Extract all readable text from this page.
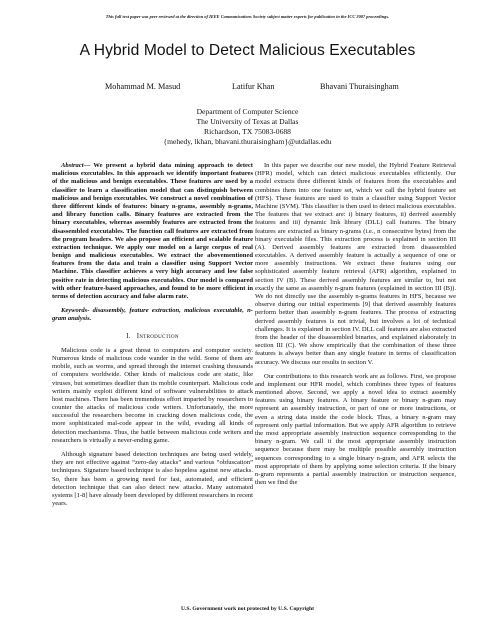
This full text paper was peer reviewed at the direction of IEEE Communications Society subject matter experts for publication in the ICC 2007 proceedings.
A Hybrid Model to Detect Malicious Executables
Mohammad M. Masud	Latifur Khan	Bhavani Thuraisingham
Department of Computer Science
The University of Texas at Dallas
Richardson, TX 75083-0688
{mehedy, lkhan, bhavani.thuraisingham}@utdallas.edu

Abstract— We present a hybrid data mining approach to detect malicious executables. In this approach we identify important features of the malicious and benign executables. These features are used by a classifier to learn a classification model that can distinguish between malicious and benign executables. We construct a novel combination of three different kinds of features: binary n-grams, assembly n-grams, and library function calls. Binary features are extracted from the binary executables, whereas assembly features are extracted from the disassembled executables. The function call features are extracted from the program headers. We also propose an efficient and scalable feature extraction technique. We apply our model on a large corpus of real benign and malicious executables. We extract the abovementioned features from the data and train a classifier using Support Vector Machine. This classifier achieves a very high accuracy and low false positive rate in detecting malicious executables. Our model is compared with other feature-based approaches, and found to be more efficient in terms of detection accuracy and false alarm rate.

Keywords- disassembly, feature extraction, malicious executable, n-gram analysis.

I. Introduction

Malicious code is a great threat to computers and computer society. Numerous kinds of malicious code wander in the wild. Some of them are mobile, such as worms, and spread through the internet crashing thousands of computers worldwide. Other kinds of malicious code are static, like viruses, but sometimes deadlier than its mobile counterpart. Malicious code writers mainly exploit different kind of software vulnerabilities to attack host machines. There has been tremendous effort imparted by researchers to counter the attacks of malicious code writers. Unfortunately, the more successful the researchers become in cracking down malicious code, the more sophisticated mal-code appear in the wild, evading all kinds of detection mechanisms. Thus, the battle between malicious code writers and researchers is virtually a never-ending game.

Although signature based detection techniques are being used widely, they are not effective against “zero-day attacks” and various “obfuscation” techniques. Signature based technique is also hopeless against new attacks. So, there has been a growing need for fast, automated, and efficient detection technique that can also detect new attacks. Many automated systems [1-8] have already been developed by different researchers in recent years.

In this paper we describe our new model, the Hybrid Feature Retrieval (HFR) model, which can detect malicious executables efficiently. Our model extracts three different kinds of features from the executables and combines them into one feature set, which we call the hybrid feature set (HFS). These features are used to train a classifier using Support Vector Machine (SVM). This classifier is then used to detect malicious executables. The features that we extract are: i) binary features, ii) derived assembly features and iii) dynamic link library (DLL) call features. The binary features are extracted as binary n-grams (i.e., n consecutive bytes) from the binary executable files. This extraction process is explained in section III (A). Derived assembly features are extracted from disassembled executables. A derived assembly feature is actually a sequence of one or more assembly instructions. We extract these features using our sophisticated assembly feature retrieval (AFR) algorithm, explained in section IV (B). These derived assembly features are similar to, but not exactly the same as assembly n-gram features (explained in section III (B)). We do not directly use the assembly n-grams features in HFS, because we observe during our initial experiments [9] that derived assembly features perform better than assembly n-gram features. The process of extracting derived assembly features is not trivial, but involves a lot of technical challenges. It is explained in section IV. DLL call features are also extracted from the header of the disassembled binaries, and explained elaborately in section III (C). We show empirically that the combination of these three features is always better than any single feature in terms of classification accuracy. We discuss our results in section V.

Our contributions to this research work are as follows. First, we propose and implement our HFR model, which combines three types of features mentioned above. Second, we apply a novel idea to extract assembly features using binary features. A binary feature or binary n-gram may represent an assembly instruction, or part of one or more instructions, or even a string data inside the code block. Thus, a binary n-gram may represent only partial information. But we apply AFR algorithm to retrieve the most appropriate assembly instruction sequence corresponding to the binary n-gram. We call it the most appropriate assembly instruction sequence because there may be multiple possible assembly instruction sequences corresponding to a single binary n-gram, and AFR selects the most appropriate of them by applying some selection criteria. If the binary n-gram represents a partial assembly instruction or instruction sequence, then we find the

U.S. Government work not protected by U.S. Copyright
